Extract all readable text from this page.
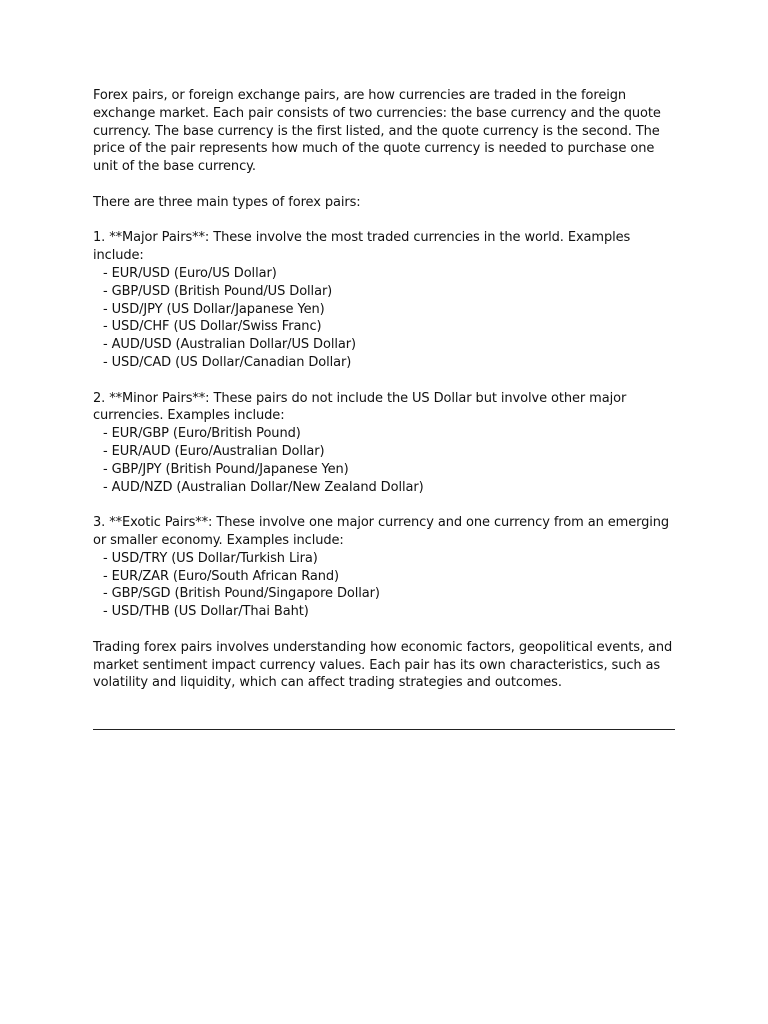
Forex pairs, or foreign exchange pairs, are how currencies are traded in the foreign exchange market. Each pair consists of two currencies: the base currency and the quote currency. The base currency is the first listed, and the quote currency is the second. The price of the pair represents how much of the quote currency is needed to purchase one unit of the base currency.

There are three main types of forex pairs:

1. **Major Pairs**: These involve the most traded currencies in the world. Examples include:

- EUR/USD (Euro/US Dollar)
- GBP/USD (British Pound/US Dollar)
- USD/JPY (US Dollar/Japanese Yen)
- USD/CHF (US Dollar/Swiss Franc)
- AUD/USD (Australian Dollar/US Dollar)
- USD/CAD (US Dollar/Canadian Dollar)

2. **Minor Pairs**: These pairs do not include the US Dollar but involve other major currencies. Examples include:

- EUR/GBP (Euro/British Pound)
- EUR/AUD (Euro/Australian Dollar)
- GBP/JPY (British Pound/Japanese Yen)
- AUD/NZD (Australian Dollar/New Zealand Dollar)

3. **Exotic Pairs**: These involve one major currency and one currency from an emerging or smaller economy. Examples include:

- USD/TRY (US Dollar/Turkish Lira)
- EUR/ZAR (Euro/South African Rand)
- GBP/SGD (British Pound/Singapore Dollar)
- USD/THB (US Dollar/Thai Baht)

Trading forex pairs involves understanding how economic factors, geopolitical events, and market sentiment impact currency values. Each pair has its own characteristics, such as volatility and liquidity, which can affect trading strategies and outcomes.
